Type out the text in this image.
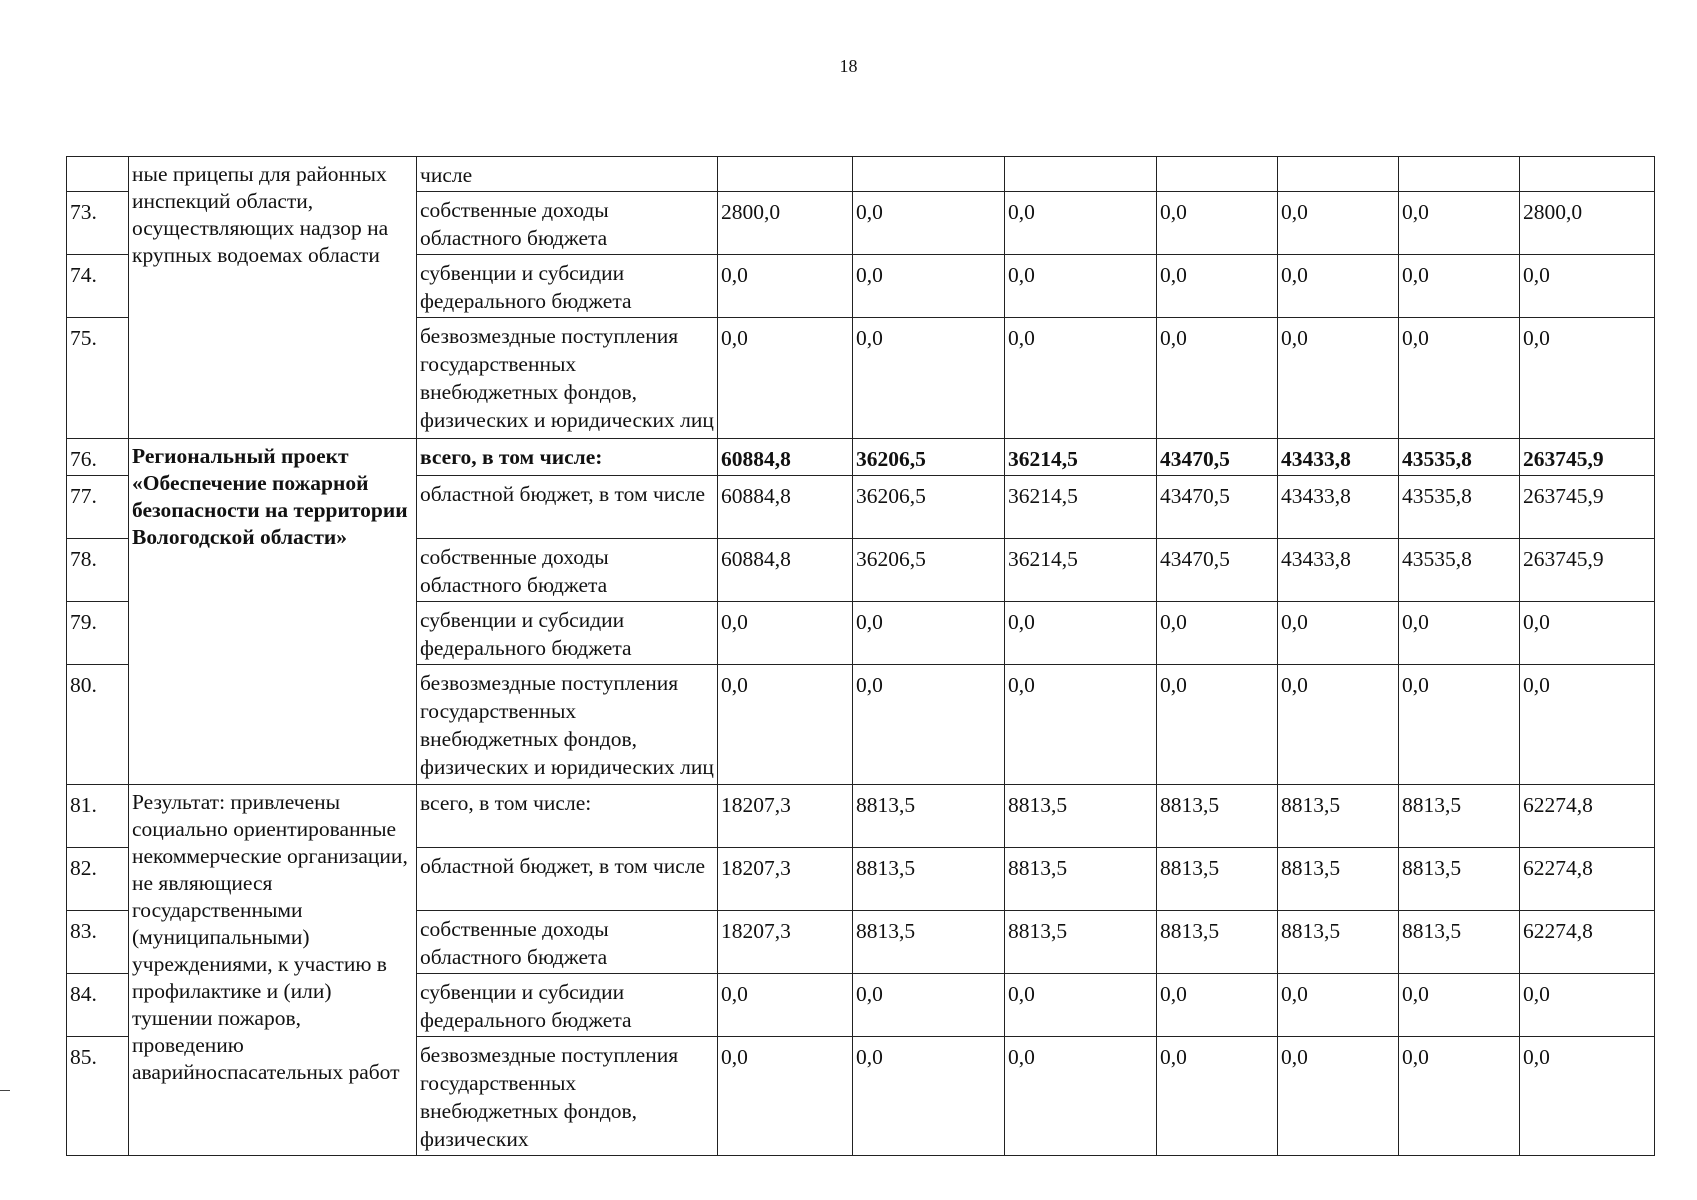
18
	ные прицепы для районных инспекций области, осуществляющих надзор на крупных водоемах области	числе							
73.		собственные доходы областного бюджета	2800,0	0,0	0,0	0,0	0,0	0,0	2800,0
74.		субвенции и субсидии федерального бюджета	0,0	0,0	0,0	0,0	0,0	0,0	0,0
75.		безвозмездные поступления государственных внебюджетных фондов, физических и юридических лиц	0,0	0,0	0,0	0,0	0,0	0,0	0,0
76.	Региональный проект «Обеспечение пожарной безопасности на территории Вологодской области»	всего, в том числе:	60884,8	36206,5	36214,5	43470,5	43433,8	43535,8	263745,9
77.		областной бюджет, в том числе	60884,8	36206,5	36214,5	43470,5	43433,8	43535,8	263745,9
78.		собственные доходы областного бюджета	60884,8	36206,5	36214,5	43470,5	43433,8	43535,8	263745,9
79.		субвенции и субсидии федерального бюджета	0,0	0,0	0,0	0,0	0,0	0,0	0,0
80.		безвозмездные поступления государственных внебюджетных фондов, физических и юридических лиц	0,0	0,0	0,0	0,0	0,0	0,0	0,0
81.	Результат: привлечены социально ориентированные некоммерческие организации, не являющиеся государственными (муниципальными) учреждениями, к участию в профилактике и (или) тушении пожаров, проведению аварийноспасательных работ	всего, в том числе:	18207,3	8813,5	8813,5	8813,5	8813,5	8813,5	62274,8
82.		областной бюджет, в том числе	18207,3	8813,5	8813,5	8813,5	8813,5	8813,5	62274,8
83.		собственные доходы областного бюджета	18207,3	8813,5	8813,5	8813,5	8813,5	8813,5	62274,8
84.		субвенции и субсидии федерального бюджета	0,0	0,0	0,0	0,0	0,0	0,0	0,0
85.		безвозмездные поступления государственных внебюджетных фондов, физических	0,0	0,0	0,0	0,0	0,0	0,0	0,0
